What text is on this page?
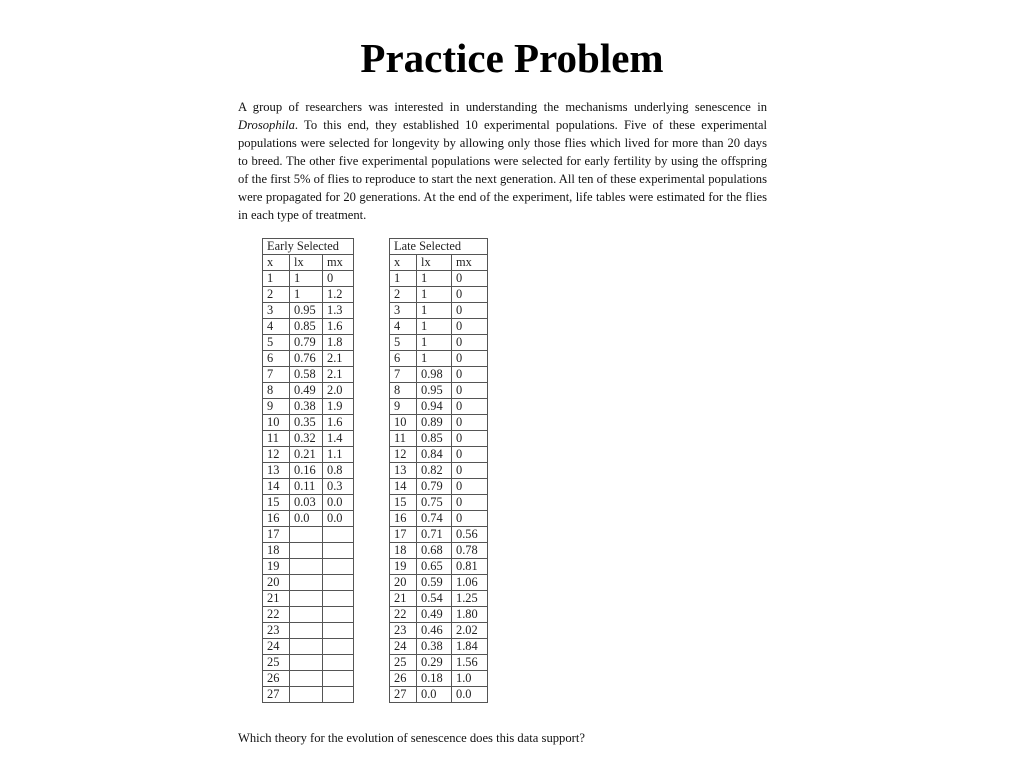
Practice Problem

A group of researchers was interested in understanding the mechanisms underlying senescence in Drosophila. To this end, they established 10 experimental populations. Five of these experimental populations were selected for longevity by allowing only those flies which lived for more than 20 days to breed. The other five experimental populations were selected for early fertility by using the offspring of the first 5% of flies to reproduce to start the next generation. All ten of these experimental populations were propagated for 20 generations. At the end of the experiment, life tables were estimated for the flies in each type of treatment.

Early Selected		
x	lx	mx
1	1	0
2	1	1.2
3	0.95	1.3
4	0.85	1.6
5	0.79	1.8
6	0.76	2.1
7	0.58	2.1
8	0.49	2.0
9	0.38	1.9
10	0.35	1.6
11	0.32	1.4
12	0.21	1.1
13	0.16	0.8
14	0.11	0.3
15	0.03	0.0
16	0.0	0.0
17		
18		
19		
20		
21		
22		
23		
24		
25		
26		
27		
Late Selected		
x	lx	mx
1	1	0
2	1	0
3	1	0
4	1	0
5	1	0
6	1	0
7	0.98	0
8	0.95	0
9	0.94	0
10	0.89	0
11	0.85	0
12	0.84	0
13	0.82	0
14	0.79	0
15	0.75	0
16	0.74	0
17	0.71	0.56
18	0.68	0.78
19	0.65	0.81
20	0.59	1.06
21	0.54	1.25
22	0.49	1.80
23	0.46	2.02
24	0.38	1.84
25	0.29	1.56
26	0.18	1.0
27	0.0	0.0

Which theory for the evolution of senescence does this data support?
